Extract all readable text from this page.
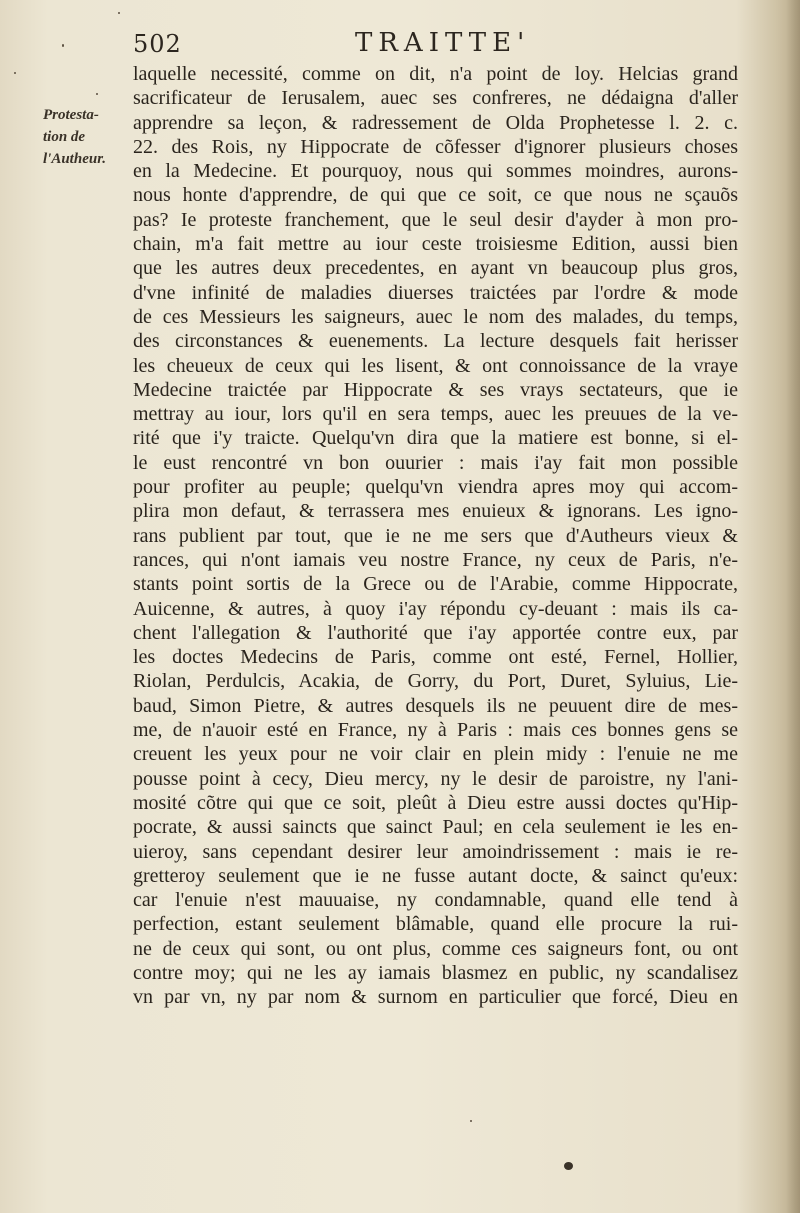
502	TRAITTE'
Protesta-
tion de
l'Autheur.
laquelle necessité, comme on dit, n'a point de loy. Helcias grand
sacrificateur de Ierusalem, auec ses confreres, ne dédaigna d'aller
apprendre sa leçon, & radressement de Olda Prophetesse l. 2. c.
22. des Rois, ny Hippocrate de cõfesser d'ignorer plusieurs choses
en la Medecine. Et pourquoy, nous qui sommes moindres, aurons-
nous honte d'apprendre, de qui que ce soit, ce que nous ne sçauõs
pas? Ie proteste franchement, que le seul desir d'ayder à mon pro-
chain, m'a fait mettre au iour ceste troisiesme Edition, aussi bien
que les autres deux precedentes, en ayant vn beaucoup plus gros,
d'vne infinité de maladies diuerses traictées par l'ordre & mode
de ces Messieurs les saigneurs, auec le nom des malades, du temps,
des circonstances & euenements. La lecture desquels fait herisser
les cheueux de ceux qui les lisent, & ont connoissance de la vraye
Medecine traictée par Hippocrate & ses vrays sectateurs, que ie
mettray au iour, lors qu'il en sera temps, auec les preuues de la ve-
rité que i'y traicte. Quelqu'vn dira que la matiere est bonne, si el-
le eust rencontré vn bon ouurier : mais i'ay fait mon possible
pour profiter au peuple; quelqu'vn viendra apres moy qui accom-
plira mon defaut, & terrassera mes enuieux & ignorans. Les igno-
rans publient par tout, que ie ne me sers que d'Autheurs vieux &
rances, qui n'ont iamais veu nostre France, ny ceux de Paris, n'e-
stants point sortis de la Grece ou de l'Arabie, comme Hippocrate,
Auicenne, & autres, à quoy i'ay répondu cy-deuant : mais ils ca-
chent l'allegation & l'authorité que i'ay apportée contre eux, par
les doctes Medecins de Paris, comme ont esté, Fernel, Hollier,
Riolan, Perdulcis, Acakia, de Gorry, du Port, Duret, Syluius, Lie-
baud, Simon Pietre, & autres desquels ils ne peuuent dire de mes-
me, de n'auoir esté en France, ny à Paris : mais ces bonnes gens se
creuent les yeux pour ne voir clair en plein midy : l'enuie ne me
pousse point à cecy, Dieu mercy, ny le desir de paroistre, ny l'ani-
mosité cõtre qui que ce soit, pleût à Dieu estre aussi doctes qu'Hip-
pocrate, & aussi saincts que sainct Paul; en cela seulement ie les en-
uieroy, sans cependant desirer leur amoindrissement : mais ie re-
gretteroy seulement que ie ne fusse autant docte, & sainct qu'eux:
car l'enuie n'est mauuaise, ny condamnable, quand elle tend à
perfection, estant seulement blâmable, quand elle procure la rui-
ne de ceux qui sont, ou ont plus, comme ces saigneurs font, ou ont
contre moy; qui ne les ay iamais blasmez en public, ny scandalisez
vn par vn, ny par nom & surnom en particulier que forcé, Dieu en
